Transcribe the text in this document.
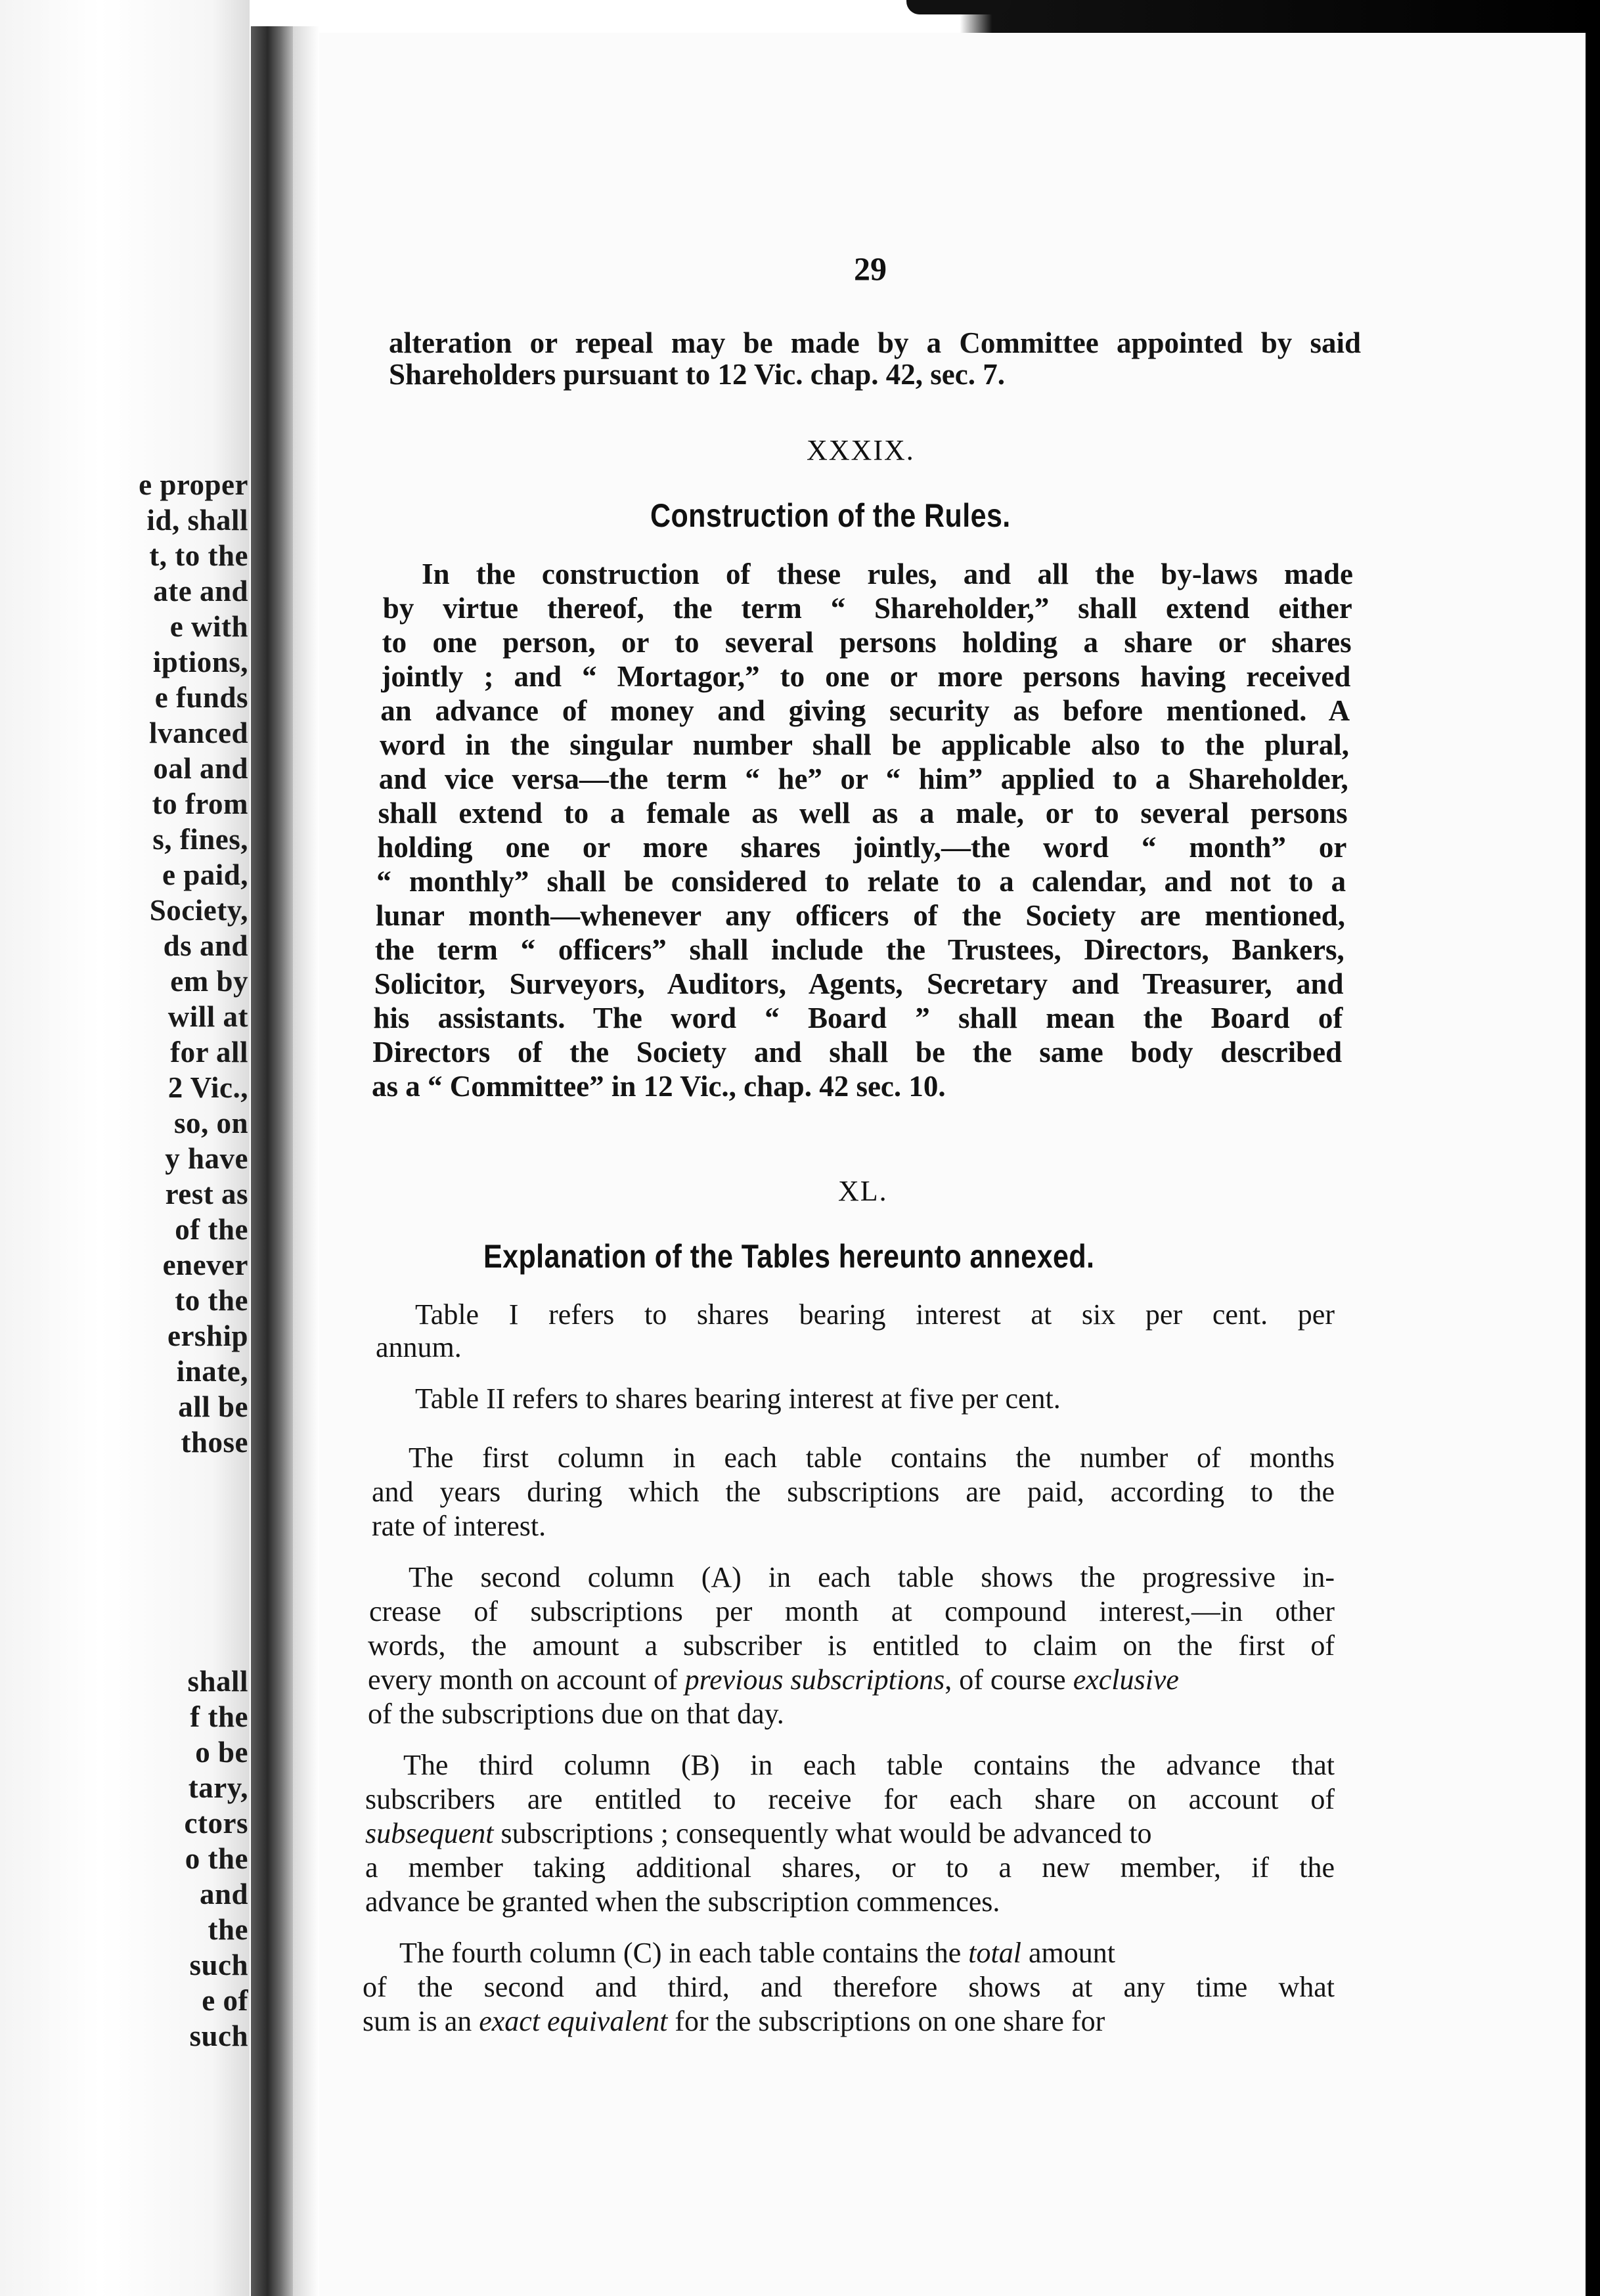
e proper
id, shall
t, to the
ate and
e with
iptions,
e funds
lvanced
oal and
to from
s, fines,
e paid,
Society,
ds and
em by
will at
for all
2 Vic.,
so, on
y have
rest as
of the
enever
to the
ership
inate,
all be
those
shall
f the
o be
tary,
ctors
o the
and
the
such
e of
such
29
alteration or repeal may be made by a Committee appointed by said
Shareholders pursuant to 12 Vic. chap. 42, sec. 7.
XXXIX.
Construction of the Rules.
In the construction of these rules, and all the by-laws made
by virtue thereof, the term “ Shareholder,” shall extend either
to one person, or to several persons holding a share or shares
jointly ; and “ Mortagor,” to one or more persons having received
an advance of money and giving security as before mentioned. A
word in the singular number shall be applicable also to the plural,
and vice versa—the term “ he” or “ him” applied to a Shareholder,
shall extend to a female as well as a male, or to several persons
holding one or more shares jointly,—the word “ month” or
“ monthly” shall be considered to relate to a calendar, and not to a
lunar month—whenever any officers of the Society are mentioned,
the term “ officers” shall include the Trustees, Directors, Bankers,
Solicitor, Surveyors, Auditors, Agents, Secretary and Treasurer, and
his assistants. The word “ Board ” shall mean the Board of
Directors of the Society and shall be the same body described
as a “ Committee” in 12 Vic., chap. 42 sec. 10.
XL.
Explanation of the Tables hereunto annexed.
Table I refers to shares bearing interest at six per cent. per
annum.
Table II refers to shares bearing interest at five per cent.
The first column in each table contains the number of months
and years during which the subscriptions are paid, according to the
rate of interest.
The second column (A) in each table shows the progressive in-
crease of subscriptions per month at compound interest,—in other
words, the amount a subscriber is entitled to claim on the first of
every month on account of previous subscriptions, of course exclusive
of the subscriptions due on that day.
The third column (B) in each table contains the advance that
subscribers are entitled to receive for each share on account of
subsequent subscriptions ; consequently what would be advanced to
a member taking additional shares, or to a new member, if the
advance be granted when the subscription commences.
The fourth column (C) in each table contains the total amount
of the second and third, and therefore shows at any time what
sum is an exact equivalent for the subscriptions on one share for
